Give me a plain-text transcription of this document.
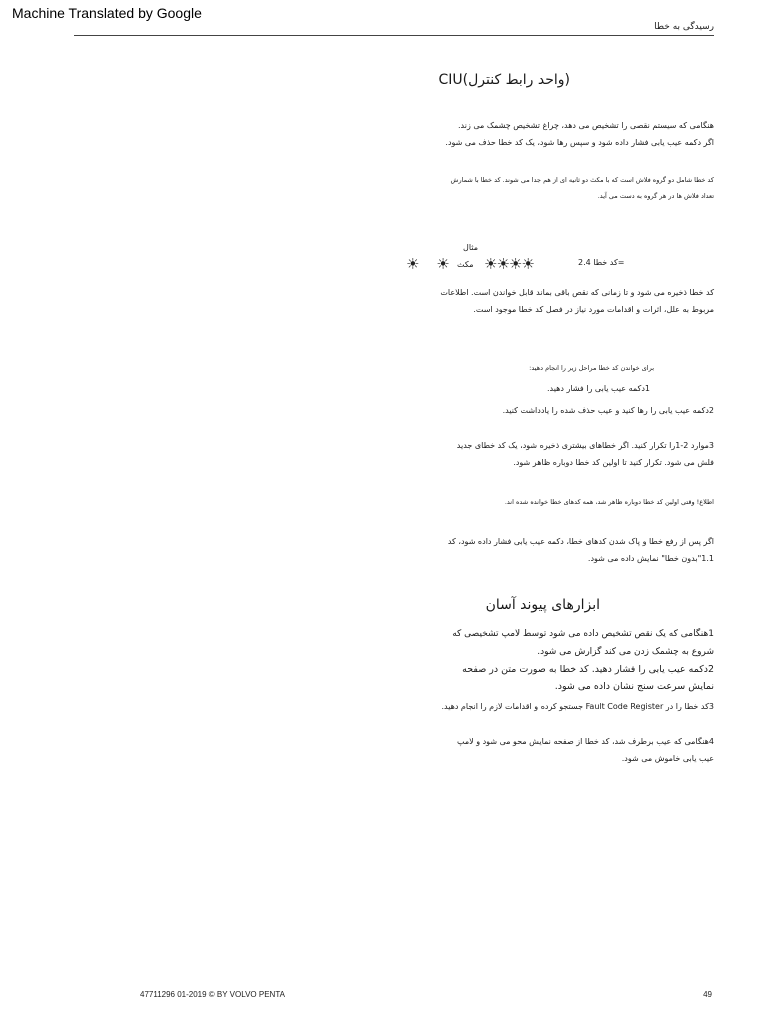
Machine Translated by Google
رسیدگی به خطا
CIU(واحد رابط کنترل)
هنگامی که سیستم نقصی را تشخیص می دهد، چراغ تشخیص چشمک می زند.
اگر دکمه عیب یابی فشار داده شود و سپس رها شود، یک کد خطا حذف می شود.
کد خطا شامل دو گروه فلاش است که با مکث دو ثانیه ای از هم جدا می شوند. کد خطا با شمارش
تعداد فلاش ها در هر گروه به دست می آید.
مثال
☀ ☀ مکث ☀☀☀☀	=کد خطا 2.4
کد خطا ذخیره می شود و تا زمانی که نقص باقی بماند قابل خواندن است. اطلاعات
مربوط به علل، اثرات و اقدامات مورد نیاز در فصل کد خطا موجود است.
برای خواندن کد خطا مراحل زیر را انجام دهید:
1دکمه عیب یابی را فشار دهید.
2دکمه عیب یابی را رها کنید و عیب حذف شده را یادداشت کنید.
3موارد 2-1را تکرار کنید. اگر خطاهای بیشتری ذخیره شود، یک کد خطای جدید
فلش می شود. تکرار کنید تا اولین کد خطا دوباره ظاهر شود.
اطلاع! وقتی اولین کد خطا دوباره ظاهر شد، همه کدهای خطا خوانده شده اند.
اگر پس از رفع خطا و پاک شدن کدهای خطا، دکمه عیب یابی فشار داده شود، کد
1.1"بدون خطا" نمایش داده می شود.
ابزارهای پیوند آسان
1هنگامی که یک نقص تشخیص داده می شود توسط لامپ تشخیصی که
شروع به چشمک زدن می کند گزارش می شود.
2دکمه عیب یابی را فشار دهید. کد خطا به صورت متن در صفحه
نمایش سرعت سنج نشان داده می شود.
3کد خطا را در Fault Code Register جستجو کرده و اقدامات لازم را انجام دهید.
4هنگامی که عیب برطرف شد، کد خطا از صفحه نمایش محو می شود و لامپ
عیب یابی خاموش می شود.
47711296 01-2019 © BY VOLVO PENTA	49
